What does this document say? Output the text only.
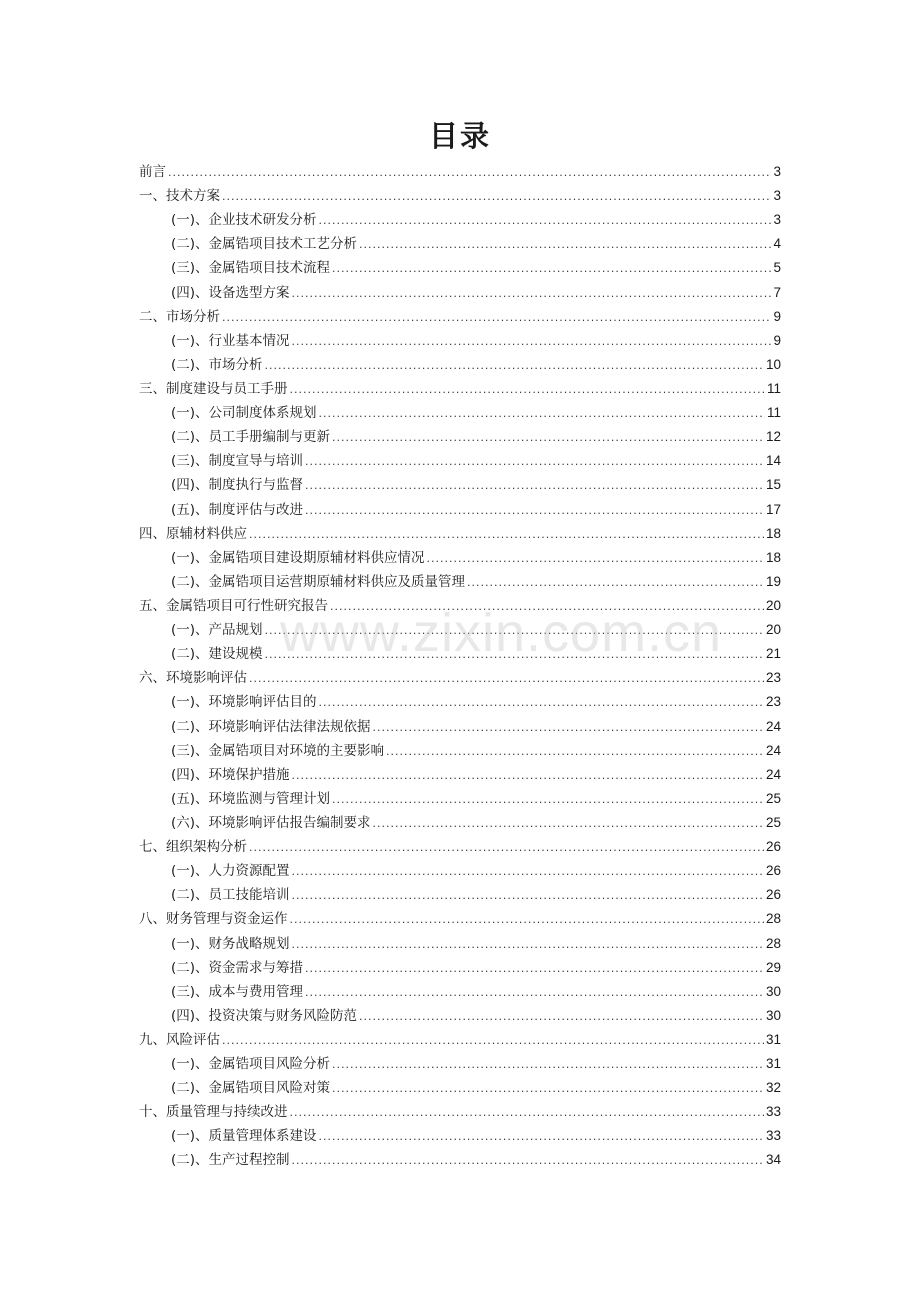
目录
前言 .....	3
一、技术方案 .....	3
(一)、企业技术研发分析 .....	3
(二)、金属锆项目技术工艺分析 .....	4
(三)、金属锆项目技术流程 .....	5
(四)、设备选型方案 .....	7
二、市场分析 .....	9
(一)、行业基本情况 .....	9
(二)、市场分析 .....	10
三、制度建设与员工手册 .....	11
(一)、公司制度体系规划 .....	11
(二)、员工手册编制与更新 .....	12
(三)、制度宣导与培训 .....	14
(四)、制度执行与监督 .....	15
(五)、制度评估与改进 .....	17
四、原辅材料供应 .....	18
(一)、金属锆项目建设期原辅材料供应情况 .....	18
(二)、金属锆项目运营期原辅材料供应及质量管理 .....	19
五、金属锆项目可行性研究报告 .....	20
(一)、产品规划 .....	20
(二)、建设规模 .....	21
六、环境影响评估 .....	23
(一)、环境影响评估目的 .....	23
(二)、环境影响评估法律法规依据 .....	24
(三)、金属锆项目对环境的主要影响 .....	24
(四)、环境保护措施 .....	24
(五)、环境监测与管理计划 .....	25
(六)、环境影响评估报告编制要求 .....	25
七、组织架构分析 .....	26
(一)、人力资源配置 .....	26
(二)、员工技能培训 .....	26
八、财务管理与资金运作 .....	28
(一)、财务战略规划 .....	28
(二)、资金需求与筹措 .....	29
(三)、成本与费用管理 .....	30
(四)、投资决策与财务风险防范 .....	30
九、风险评估 .....	31
(一)、金属锆项目风险分析 .....	31
(二)、金属锆项目风险对策 .....	32
十、质量管理与持续改进 .....	33
(一)、质量管理体系建设 .....	33
(二)、生产过程控制 .....	34
www.zixin.com.cn
